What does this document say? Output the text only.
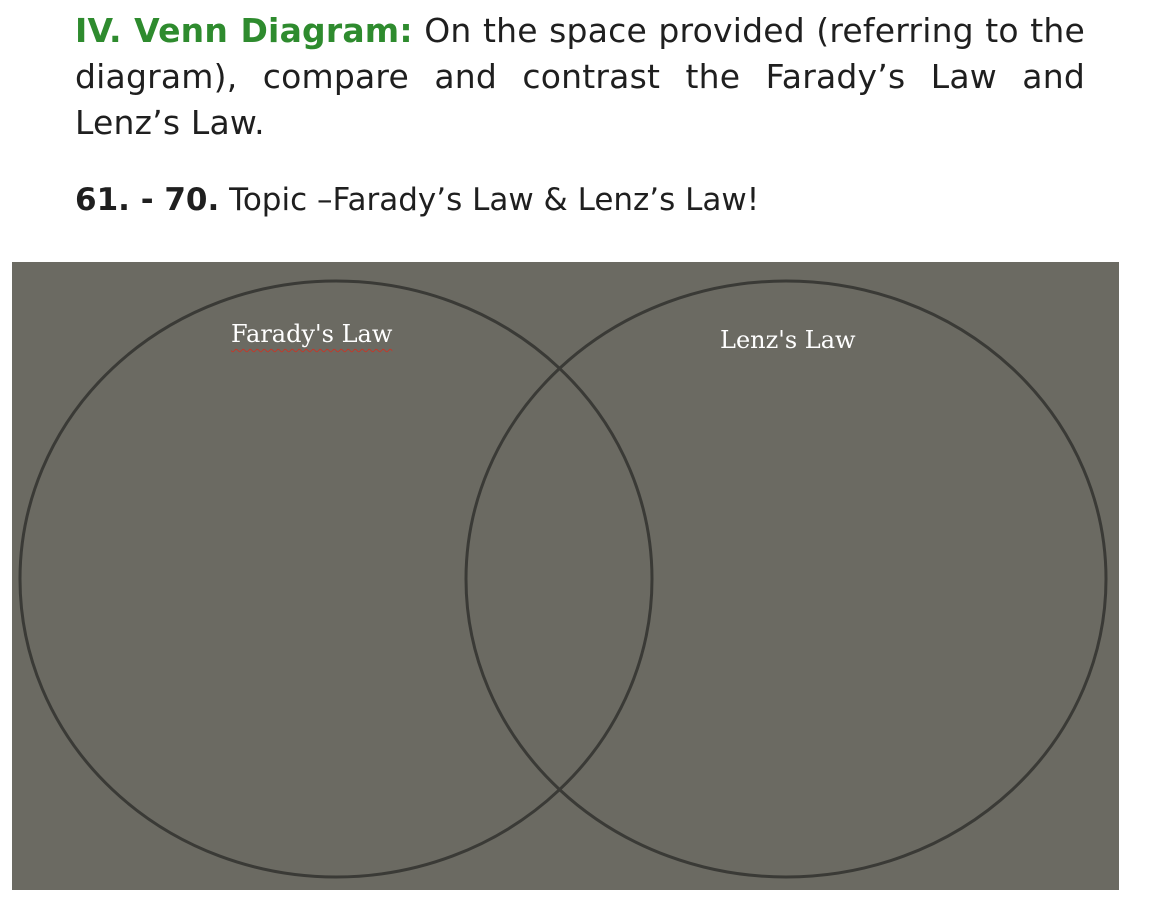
IV. Venn Diagram: On the space provided (referring to the diagram), compare and contrast the Farady’s Law and Lenz’s Law.
61. - 70. Topic –Farady’s Law & Lenz’s Law!
Farady's Law	Lenz's Law
